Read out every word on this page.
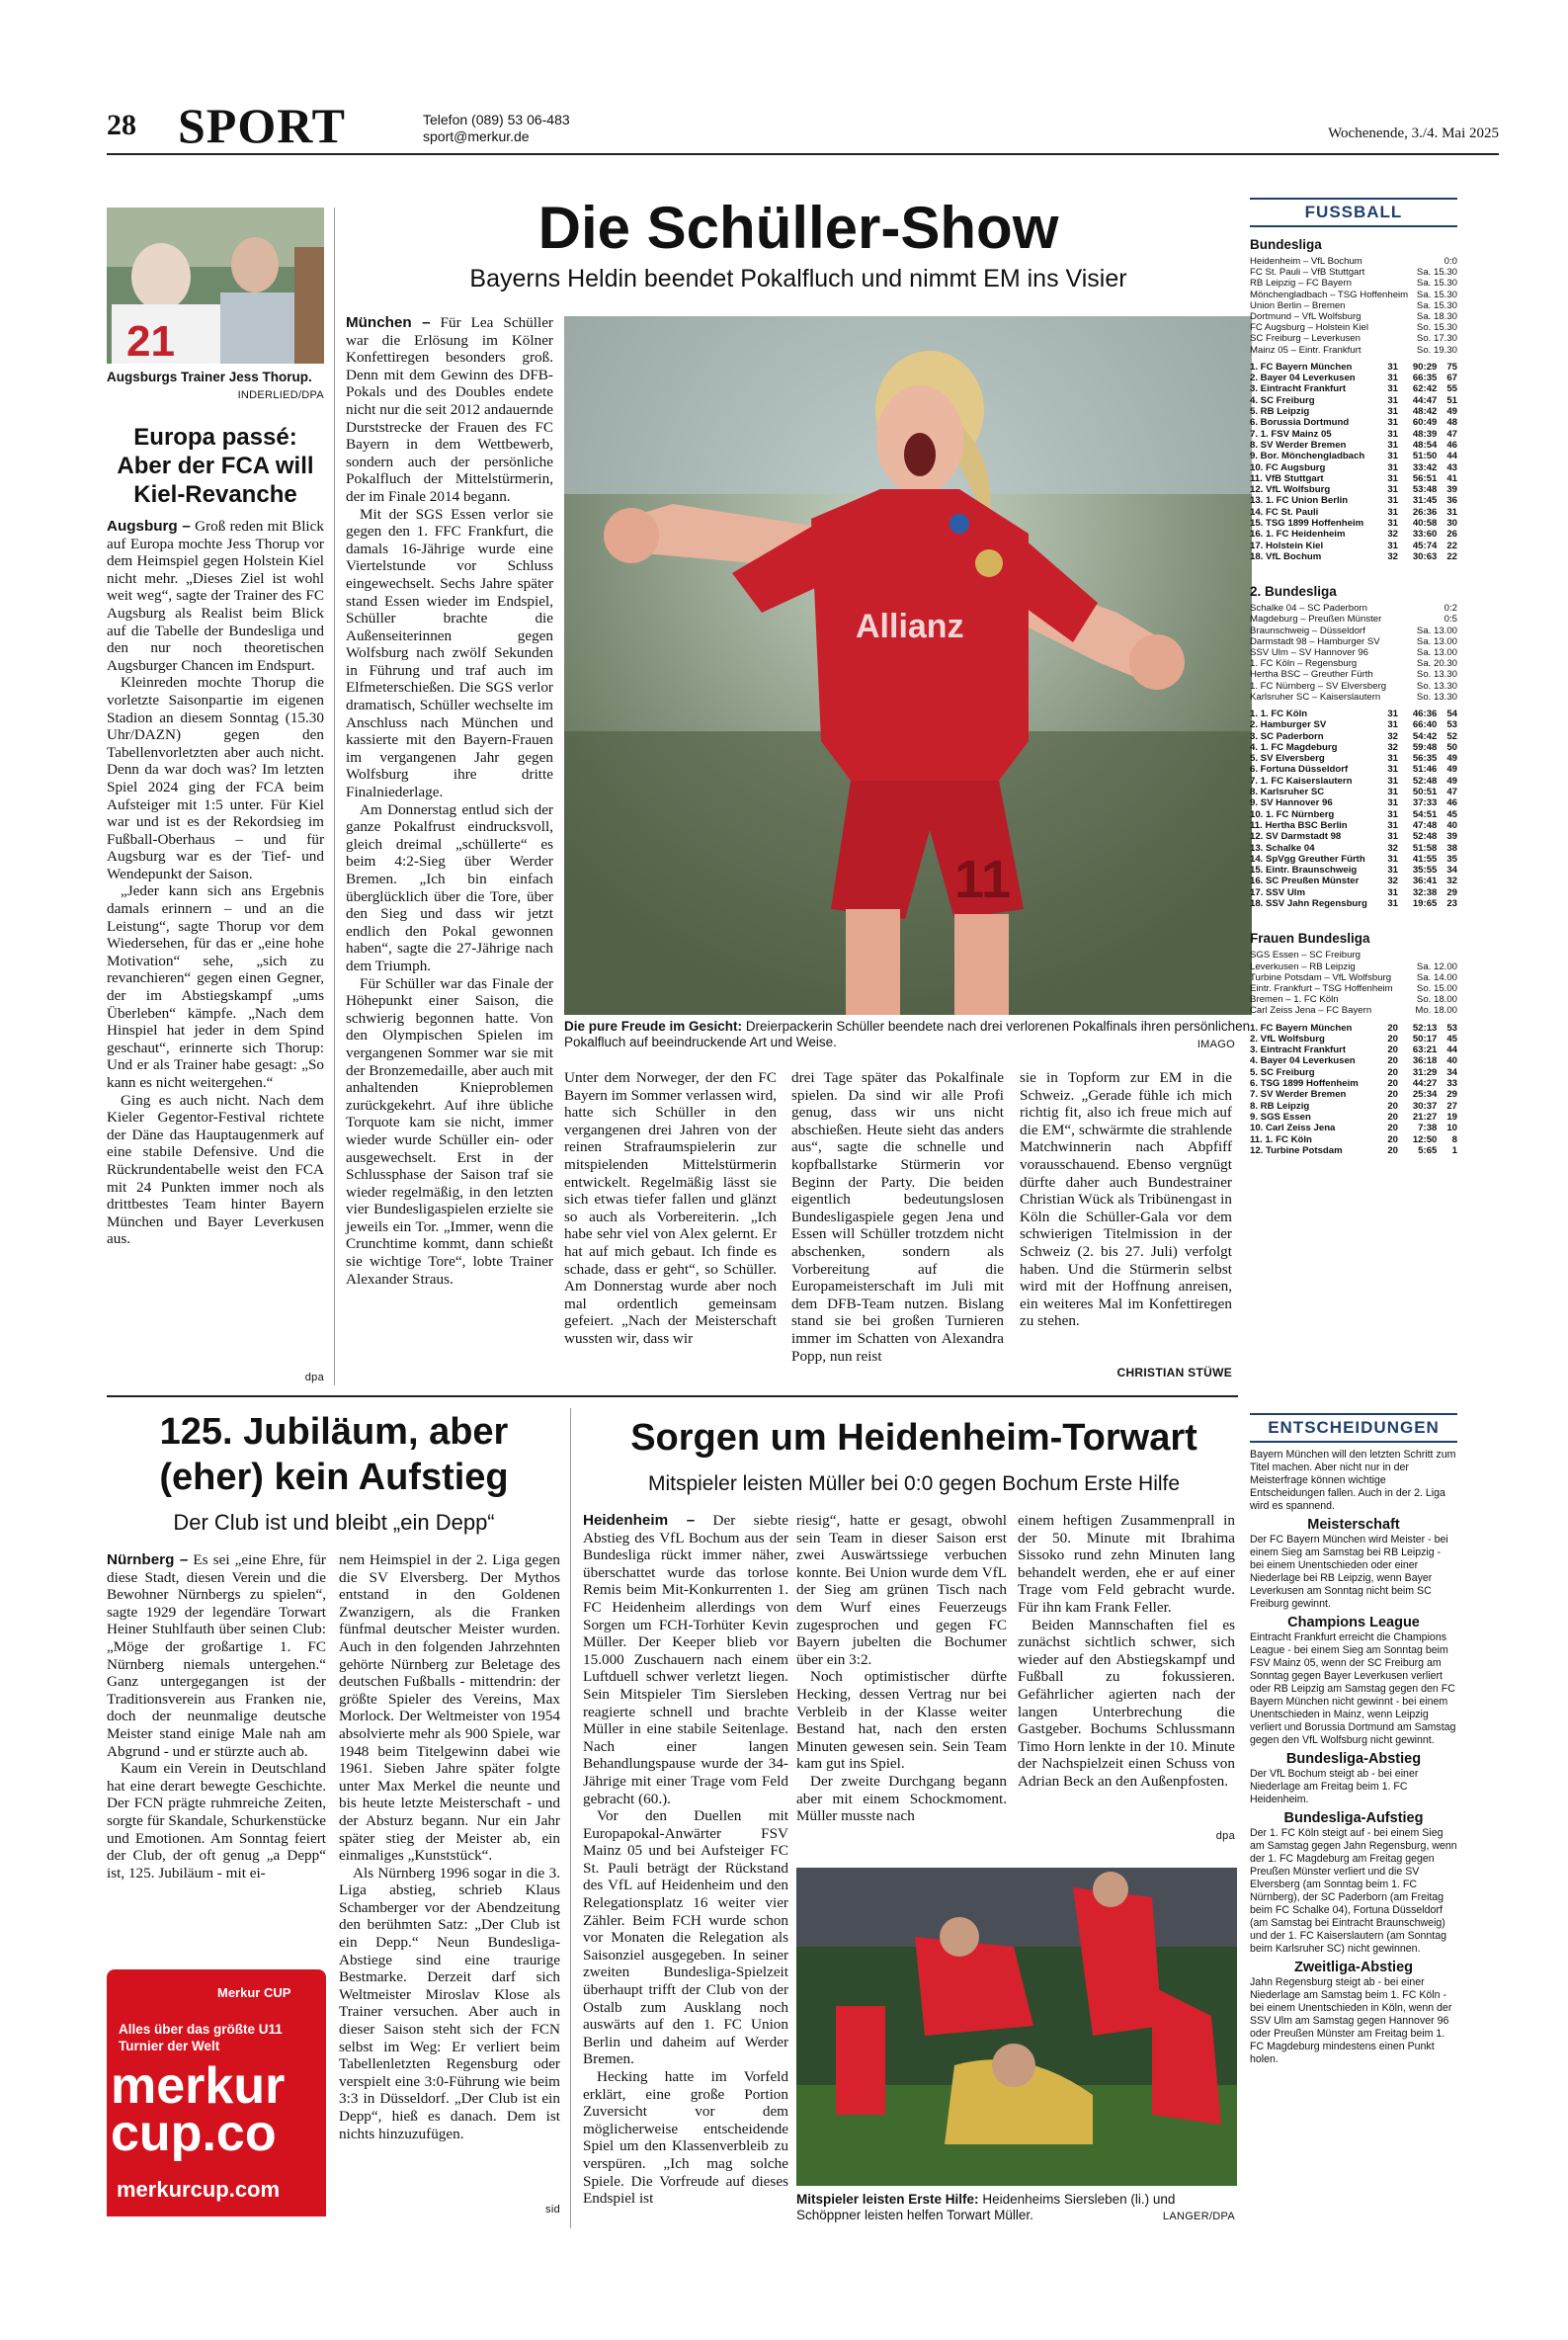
28 SPORT	Telefon (089) 53 06-483
sport@merkur.de	Wochenende, 3./4. Mai 2025
21
Augsburgs Trainer Jess Thorup.
INDERLIED/DPA
Europa passé: Aber der FCA will Kiel-Revanche

Augsburg – Groß reden mit Blick auf Europa mochte Jess Thorup vor dem Heimspiel gegen Holstein Kiel nicht mehr. „Dieses Ziel ist wohl weit weg“, sagte der Trainer des FC Augsburg als Realist beim Blick auf die Tabelle der Bundesliga und den nur noch theoretischen Augsburger Chancen im Endspurt.

Kleinreden mochte Thorup die vorletzte Saisonpartie im eigenen Stadion an diesem Sonntag (15.30 Uhr/DAZN) gegen den Tabellenvorletzten aber auch nicht. Denn da war doch was? Im letzten Spiel 2024 ging der FCA beim Aufsteiger mit 1:5 unter. Für Kiel war und ist es der Rekordsieg im Fußball-Oberhaus – und für Augsburg war es der Tief- und Wendepunkt der Saison.

„Jeder kann sich ans Ergebnis damals erinnern – und an die Leistung“, sagte Thorup vor dem Wiedersehen, für das er „eine hohe Motivation“ sehe, „sich zu revanchieren“ gegen einen Gegner, der im Abstiegskampf „ums Überleben“ kämpfe. „Nach dem Hinspiel hat jeder in dem Spind geschaut“, erinnerte sich Thorup: Und er als Trainer habe gesagt: „So kann es nicht weitergehen.“

Ging es auch nicht. Nach dem Kieler Gegentor-Festival richtete der Däne das Hauptaugenmerk auf eine stabile Defensive. Und die Rückrundentabelle weist den FCA mit 24 Punkten immer noch als drittbestes Team hinter Bayern München und Bayer Leverkusen aus.

dpa
Die Schüller-Show
Bayerns Heldin beendet Pokalfluch und nimmt EM ins Visier

München – Für Lea Schüller war die Erlösung im Kölner Konfettiregen besonders groß. Denn mit dem Gewinn des DFB-Pokals und des Doubles endete nicht nur die seit 2012 andauernde Durststrecke der Frauen des FC Bayern in dem Wettbewerb, sondern auch der persönliche Pokalfluch der Mittelstürmerin, der im Finale 2014 begann.

Mit der SGS Essen verlor sie gegen den 1. FFC Frankfurt, die damals 16-Jährige wurde eine Viertelstunde vor Schluss eingewechselt. Sechs Jahre später stand Essen wieder im Endspiel, Schüller brachte die Außenseiterinnen gegen Wolfsburg nach zwölf Sekunden in Führung und traf auch im Elfmeterschießen. Die SGS verlor dramatisch, Schüller wechselte im Anschluss nach München und kassierte mit den Bayern-Frauen im vergangenen Jahr gegen Wolfsburg ihre dritte Finalniederlage.

Am Donnerstag entlud sich der ganze Pokalfrust eindrucksvoll, gleich dreimal „schüllerte“ es beim 4:2-Sieg über Werder Bremen. „Ich bin einfach überglücklich über die Tore, über den Sieg und dass wir jetzt endlich den Pokal gewonnen haben“, sagte die 27-Jährige nach dem Triumph.

Für Schüller war das Finale der Höhepunkt einer Saison, die schwierig begonnen hatte. Von den Olympischen Spielen im vergangenen Sommer war sie mit der Bronzemedaille, aber auch mit anhaltenden Knieproblemen zurückgekehrt. Auf ihre übliche Torquote kam sie nicht, immer wieder wurde Schüller ein- oder ausgewechselt. Erst in der Schlussphase der Saison traf sie wieder regelmäßig, in den letzten vier Bundesligaspielen erzielte sie jeweils ein Tor. „Immer, wenn die Crunchtime kommt, dann schießt sie wichtige Tore“, lobte Trainer Alexander Straus.

Allianz
11
Die pure Freude im Gesicht: Dreierpackerin Schüller beendete nach drei verlorenen Pokalfinals ihren persönlichen Pokalfluch auf beeindruckende Art und Weise.	IMAGO
Unter dem Norweger, der den FC Bayern im Sommer verlassen wird, hatte sich Schüller in den vergangenen drei Jahren von der reinen Strafraumspielerin zur mitspielenden Mittelstürmerin entwickelt. Regelmäßig lässt sie sich etwas tiefer fallen und glänzt so auch als Vorbereiterin. „Ich habe sehr viel von Alex gelernt. Er hat auf mich gebaut. Ich finde es schade, dass er geht“, so Schüller. Am Donnerstag wurde aber noch mal ordentlich gemeinsam gefeiert. „Nach der Meisterschaft wussten wir, dass wir
drei Tage später das Pokalfinale spielen. Da sind wir alle Profi genug, dass wir uns nicht abschießen. Heute sieht das anders aus“, sagte die schnelle und kopfballstarke Stürmerin vor Beginn der Party. Die beiden eigentlich bedeutungslosen Bundesligaspiele gegen Jena und Essen will Schüller trotzdem nicht abschenken, sondern als Vorbereitung auf die Europameisterschaft im Juli mit dem DFB-Team nutzen. Bislang stand sie bei großen Turnieren immer im Schatten von Alexandra Popp, nun reist
sie in Topform zur EM in die Schweiz. „Gerade fühle ich mich richtig fit, also ich freue mich auf die EM“, schwärmte die strahlende Matchwinnerin nach Abpfiff vorausschauend. Ebenso vergnügt dürfte daher auch Bundestrainer Christian Wück als Tribünengast in Köln die Schüller-Gala vor dem schwierigen Titelmission in der Schweiz (2. bis 27. Juli) verfolgt haben. Und die Stürmerin selbst wird mit der Hoffnung anreisen, ein weiteres Mal im Konfettiregen zu stehen.
CHRISTIAN STÜWE
125. Jubiläum, aber (eher) kein Aufstieg
Der Club ist und bleibt „ein Depp“

Nürnberg – Es sei „eine Ehre, für diese Stadt, diesen Verein und die Bewohner Nürnbergs zu spielen“, sagte 1929 der legendäre Torwart Heiner Stuhlfauth über seinen Club: „Möge der großartige 1. FC Nürnberg niemals untergehen.“ Ganz untergegangen ist der Traditionsverein aus Franken nie, doch der neunmalige deutsche Meister stand einige Male nah am Abgrund - und er stürzte auch ab.

Kaum ein Verein in Deutschland hat eine derart bewegte Geschichte. Der FCN prägte ruhmreiche Zeiten, sorgte für Skandale, Schurkenstücke und Emotionen. Am Sonntag feiert der Club, der oft genug „a Depp“ ist, 125. Jubiläum - mit ei-

nem Heimspiel in der 2. Liga gegen die SV Elversberg. Der Mythos entstand in den Goldenen Zwanzigern, als die Franken fünfmal deutscher Meister wurden. Auch in den folgenden Jahrzehnten gehörte Nürnberg zur Beletage des deutschen Fußballs - mittendrin: der größte Spieler des Vereins, Max Morlock. Der Weltmeister von 1954 absolvierte mehr als 900 Spiele, war 1948 beim Titelgewinn dabei wie 1961. Sieben Jahre später folgte unter Max Merkel die neunte und bis heute letzte Meisterschaft - und der Absturz begann. Nur ein Jahr später stieg der Meister ab, ein einmaliges „Kunststück“.

Als Nürnberg 1996 sogar in die 3. Liga abstieg, schrieb Klaus Schamberger vor der Abendzeitung den berühmten Satz: „Der Club ist ein Depp.“ Neun Bundesliga-Abstiege sind eine traurige Bestmarke. Derzeit darf sich Weltmeister Miroslav Klose als Trainer versuchen. Aber auch in dieser Saison steht sich der FCN selbst im Weg: Er verliert beim Tabellenletzten Regensburg oder verspielt eine 3:0-Führung wie beim 3:3 in Düsseldorf. „Der Club ist ein Depp“, hieß es danach. Dem ist nichts hinzuzufügen.

sid
Merkur CUP
Alles über das größte U11 Turnier der Welt
merkur cup.co
merkurcup.com
Sorgen um Heidenheim-Torwart
Mitspieler leisten Müller bei 0:0 gegen Bochum Erste Hilfe

Heidenheim – Der siebte Abstieg des VfL Bochum aus der Bundesliga rückt immer näher, überschattet wurde das torlose Remis beim Mit-Konkurrenten 1. FC Heidenheim allerdings von Sorgen um FCH-Torhüter Kevin Müller. Der Keeper blieb vor 15.000 Zuschauern nach einem Luftduell schwer verletzt liegen. Sein Mitspieler Tim Siersleben reagierte schnell und brachte Müller in eine stabile Seitenlage. Nach einer langen Behandlungspause wurde der 34-Jährige mit einer Trage vom Feld gebracht (60.).

Vor den Duellen mit Europapokal-Anwärter FSV Mainz 05 und bei Aufsteiger FC St. Pauli beträgt der Rückstand des VfL auf Heidenheim und den Relegationsplatz 16 weiter vier Zähler. Beim FCH wurde schon vor Monaten die Relegation als Saisonziel ausgegeben. In seiner zweiten Bundesliga-Spielzeit überhaupt trifft der Club von der Ostalb zum Ausklang noch auswärts auf den 1. FC Union Berlin und daheim auf Werder Bremen.

Hecking hatte im Vorfeld erklärt, eine große Portion Zuversicht vor dem möglicherweise entscheidende Spiel um den Klassenverbleib zu verspüren. „Ich mag solche Spiele. Die Vorfreude auf dieses Endspiel ist

riesig“, hatte er gesagt, obwohl sein Team in dieser Saison erst zwei Auswärtssiege verbuchen konnte. Bei Union wurde dem VfL der Sieg am grünen Tisch nach dem Wurf eines Feuerzeugs zugesprochen und gegen FC Bayern jubelten die Bochumer über ein 3:2.

Noch optimistischer dürfte Hecking, dessen Vertrag nur bei Verbleib in der Klasse weiter Bestand hat, nach den ersten Minuten gewesen sein. Sein Team kam gut ins Spiel.

Der zweite Durchgang begann aber mit einem Schockmoment. Müller musste nach

einem heftigen Zusammenprall in der 50. Minute mit Ibrahima Sissoko rund zehn Minuten lang behandelt werden, ehe er auf einer Trage vom Feld gebracht wurde. Für ihn kam Frank Feller.

Beiden Mannschaften fiel es zunächst sichtlich schwer, sich wieder auf den Abstiegskampf und Fußball zu fokussieren. Gefährlicher agierten nach der langen Unterbrechung die Gastgeber. Bochums Schlussmann Timo Horn lenkte in der 10. Minute der Nachspielzeit einen Schuss von Adrian Beck an den Außenpfosten.

dpa
Mitspieler leisten Erste Hilfe: Heidenheims Siersleben (li.) und Schöppner leisten helfen Torwart Müller.	LANGER/DPA
FUSSBALL
Bundesliga
Heidenheim – VfL Bochum	0:0
FC St. Pauli – VfB Stuttgart	Sa. 15.30
RB Leipzig – FC Bayern	Sa. 15.30
Mönchengladbach – TSG Hoffenheim Sa. 15.30
Union Berlin – Bremen	Sa. 15.30
Dortmund – VfL Wolfsburg	Sa. 18.30
FC Augsburg – Holstein Kiel	So. 15.30
SC Freiburg – Leverkusen	So. 17.30
Mainz 05 – Eintr. Frankfurt	So. 19.30
1. FC Bayern München	31	90:29	75
2. Bayer 04 Leverkusen	31	66:35	67
3. Eintracht Frankfurt	31	62:42	55
4. SC Freiburg	31	44:47	51
5. RB Leipzig	31	48:42	49
6. Borussia Dortmund	31	60:49	48
7. 1. FSV Mainz 05	31	48:39	47
8. SV Werder Bremen	31	48:54	46
9. Bor. Mönchengladbach	31	51:50	44
10. FC Augsburg	31	33:42	43
11. VfB Stuttgart	31	56:51	41
12. VfL Wolfsburg	31	53:48	39
13. 1. FC Union Berlin	31	31:45	36
14. FC St. Pauli	31	26:36	31
15. TSG 1899 Hoffenheim	31	40:58	30
16. 1. FC Heidenheim	32	33:60	26
17. Holstein Kiel	31	45:74	22
18. VfL Bochum	32	30:63	22
2. Bundesliga
Schalke 04 – SC Paderborn	0:2
Magdeburg – Preußen Münster	0:5
Braunschweig – Düsseldorf	Sa. 13.00
Darmstadt 98 – Hamburger SV	Sa. 13.00
SSV Ulm – SV Hannover 96	Sa. 13.00
1. FC Köln – Regensburg	Sa. 20.30
Hertha BSC – Greuther Fürth	So. 13.30
1. FC Nürnberg – SV Elversberg	So. 13.30
Karlsruher SC – Kaiserslautern	So. 13.30
1. 1. FC Köln	31	46:36	54
2. Hamburger SV	31	66:40	53
3. SC Paderborn	32	54:42	52
4. 1. FC Magdeburg	32	59:48	50
5. SV Elversberg	31	56:35	49
6. Fortuna Düsseldorf	31	51:46	49
7. 1. FC Kaiserslautern	31	52:48	49
8. Karlsruher SC	31	50:51	47
9. SV Hannover 96	31	37:33	46
10. 1. FC Nürnberg	31	54:51	45
11. Hertha BSC Berlin	31	47:48	40
12. SV Darmstadt 98	31	52:48	39
13. Schalke 04	32	51:58	38
14. SpVgg Greuther Fürth	31	41:55	35
15. Eintr. Braunschweig	31	35:55	34
16. SC Preußen Münster	32	36:41	32
17. SSV Ulm	31	32:38	29
18. SSV Jahn Regensburg	31	19:65	23
Frauen Bundesliga
SGS Essen – SC Freiburg
Leverkusen – RB Leipzig	Sa. 12.00
Turbine Potsdam – VfL Wolfsburg	Sa. 14.00
Eintr. Frankfurt – TSG Hoffenheim	So. 15.00
Bremen – 1. FC Köln	So. 18.00
Carl Zeiss Jena – FC Bayern	Mo. 18.00
1. FC Bayern München	20	52:13	53
2. VfL Wolfsburg	20	50:17	45
3. Eintracht Frankfurt	20	63:21	44
4. Bayer 04 Leverkusen	20	36:18	40
5. SC Freiburg	20	31:29	34
6. TSG 1899 Hoffenheim	20	44:27	33
7. SV Werder Bremen	20	25:34	29
8. RB Leipzig	20	30:37	27
9. SGS Essen	20	21:27	19
10. Carl Zeiss Jena	20	7:38	10
11. 1. FC Köln	20	12:50	8
12. Turbine Potsdam	20	5:65	1
ENTSCHEIDUNGEN
Bayern München will den letzten Schritt zum Titel machen. Aber nicht nur in der Meisterfrage können wichtige Entscheidungen fallen. Auch in der 2. Liga wird es spannend.
Meisterschaft
Der FC Bayern München wird Meister - bei einem Sieg am Samstag bei RB Leipzig - bei einem Unentschieden oder einer Niederlage bei RB Leipzig, wenn Bayer Leverkusen am Sonntag nicht beim SC Freiburg gewinnt.
Champions League
Eintracht Frankfurt erreicht die Champions League - bei einem Sieg am Sonntag beim FSV Mainz 05, wenn der SC Freiburg am Sonntag gegen Bayer Leverkusen verliert oder RB Leipzig am Samstag gegen den FC Bayern München nicht gewinnt - bei einem Unentschieden in Mainz, wenn Leipzig verliert und Borussia Dortmund am Samstag gegen den VfL Wolfsburg nicht gewinnt.
Bundesliga-Abstieg
Der VfL Bochum steigt ab - bei einer Niederlage am Freitag beim 1. FC Heidenheim.
Bundesliga-Aufstieg
Der 1. FC Köln steigt auf - bei einem Sieg am Samstag gegen Jahn Regensburg, wenn der 1. FC Magdeburg am Freitag gegen Preußen Münster verliert und die SV Elversberg (am Sonntag beim 1. FC Nürnberg), der SC Paderborn (am Freitag beim FC Schalke 04), Fortuna Düsseldorf (am Samstag bei Eintracht Braunschweig) und der 1. FC Kaiserslautern (am Sonntag beim Karlsruher SC) nicht gewinnen.
Zweitliga-Abstieg
Jahn Regensburg steigt ab - bei einer Niederlage am Samstag beim 1. FC Köln - bei einem Unentschieden in Köln, wenn der SSV Ulm am Samstag gegen Hannover 96 oder Preußen Münster am Freitag beim 1. FC Magdeburg mindestens einen Punkt holen.
